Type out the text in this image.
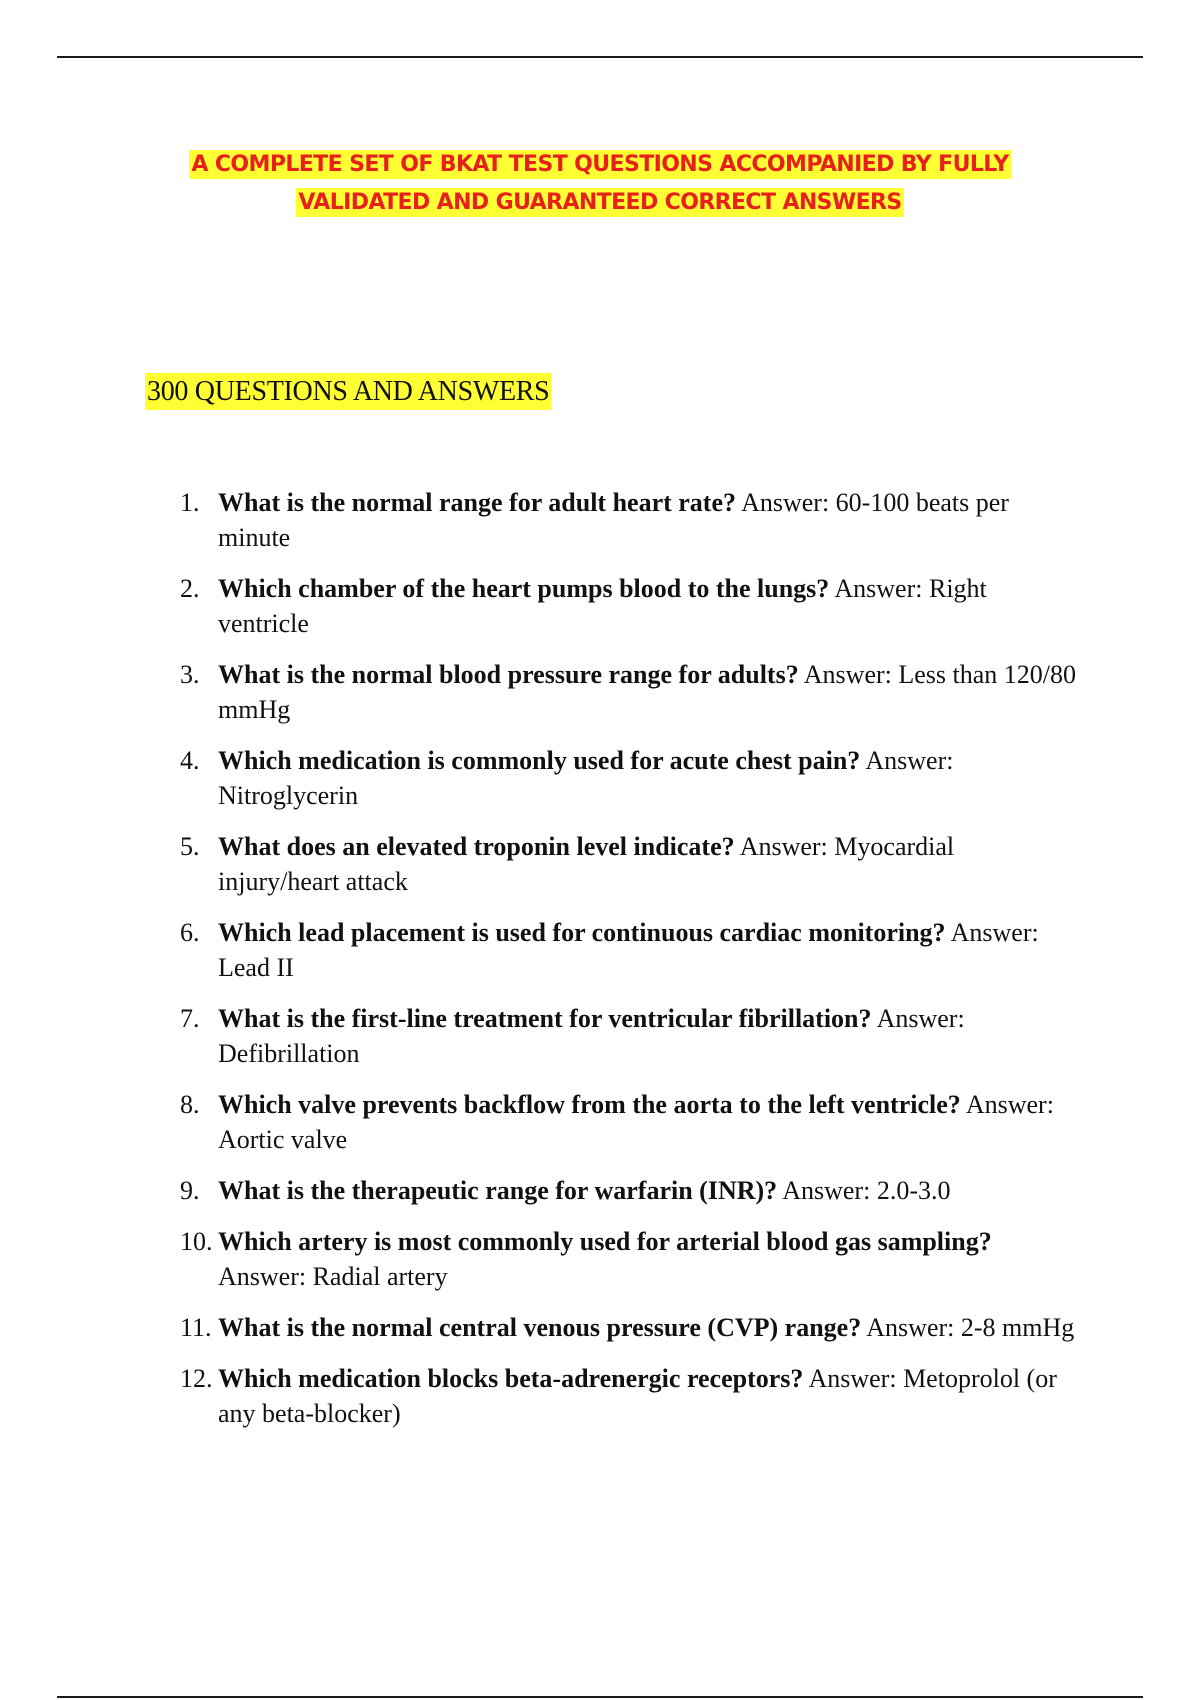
A COMPLETE SET OF BKAT TEST QUESTIONS ACCOMPANIED BY FULLY
VALIDATED AND GUARANTEED CORRECT ANSWERS
300 QUESTIONS AND ANSWERS
1. What is the normal range for adult heart rate? Answer: 60-100 beats per minute
2. Which chamber of the heart pumps blood to the lungs? Answer: Right ventricle
3. What is the normal blood pressure range for adults? Answer: Less than 120/80 mmHg
4. Which medication is commonly used for acute chest pain? Answer: Nitroglycerin
5. What does an elevated troponin level indicate? Answer: Myocardial injury/heart attack
6. Which lead placement is used for continuous cardiac monitoring? Answer: Lead II
7. What is the first-line treatment for ventricular fibrillation? Answer: Defibrillation
8. Which valve prevents backflow from the aorta to the left ventricle? Answer: Aortic valve
9. What is the therapeutic range for warfarin (INR)? Answer: 2.0-3.0
10. Which artery is most commonly used for arterial blood gas sampling? Answer: Radial artery
11. What is the normal central venous pressure (CVP) range? Answer: 2-8 mmHg
12. Which medication blocks beta-adrenergic receptors? Answer: Metoprolol (or any beta-blocker)
